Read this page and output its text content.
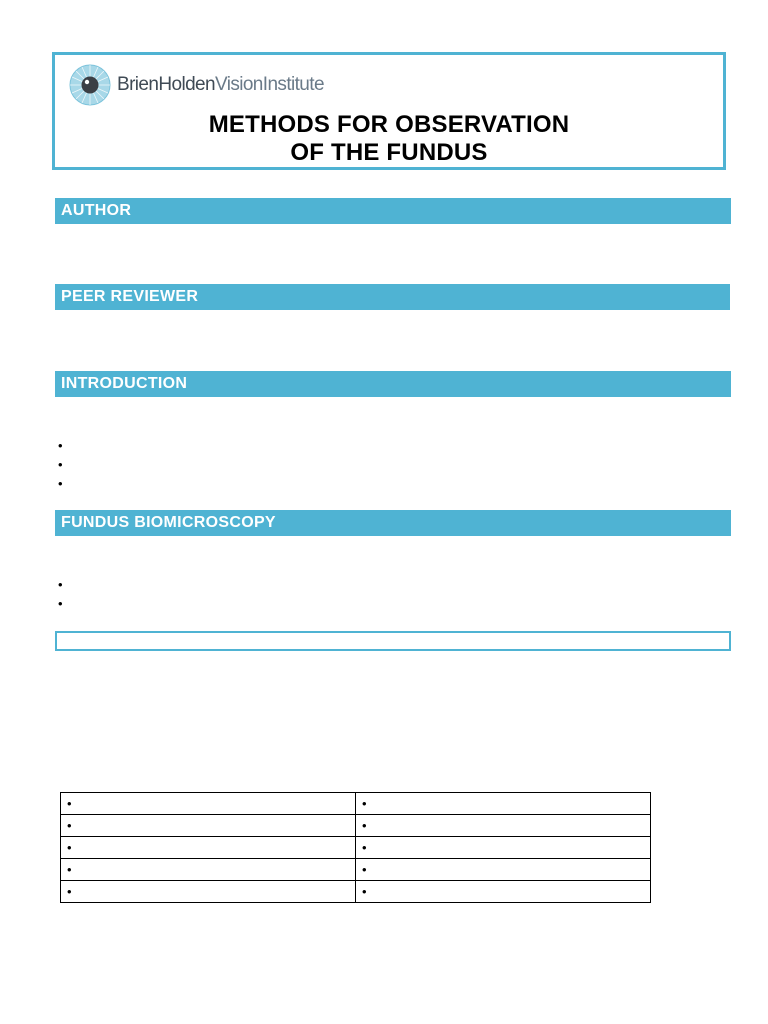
BrienHoldenVisionInstitute
METHODS FOR OBSERVATION
OF THE FUNDUS
AUTHOR
PEER REVIEWER
INTRODUCTION
•
•
•
FUNDUS BIOMICROSCOPY
•
•
•	•
•	•
•	•
•	•
•	•
